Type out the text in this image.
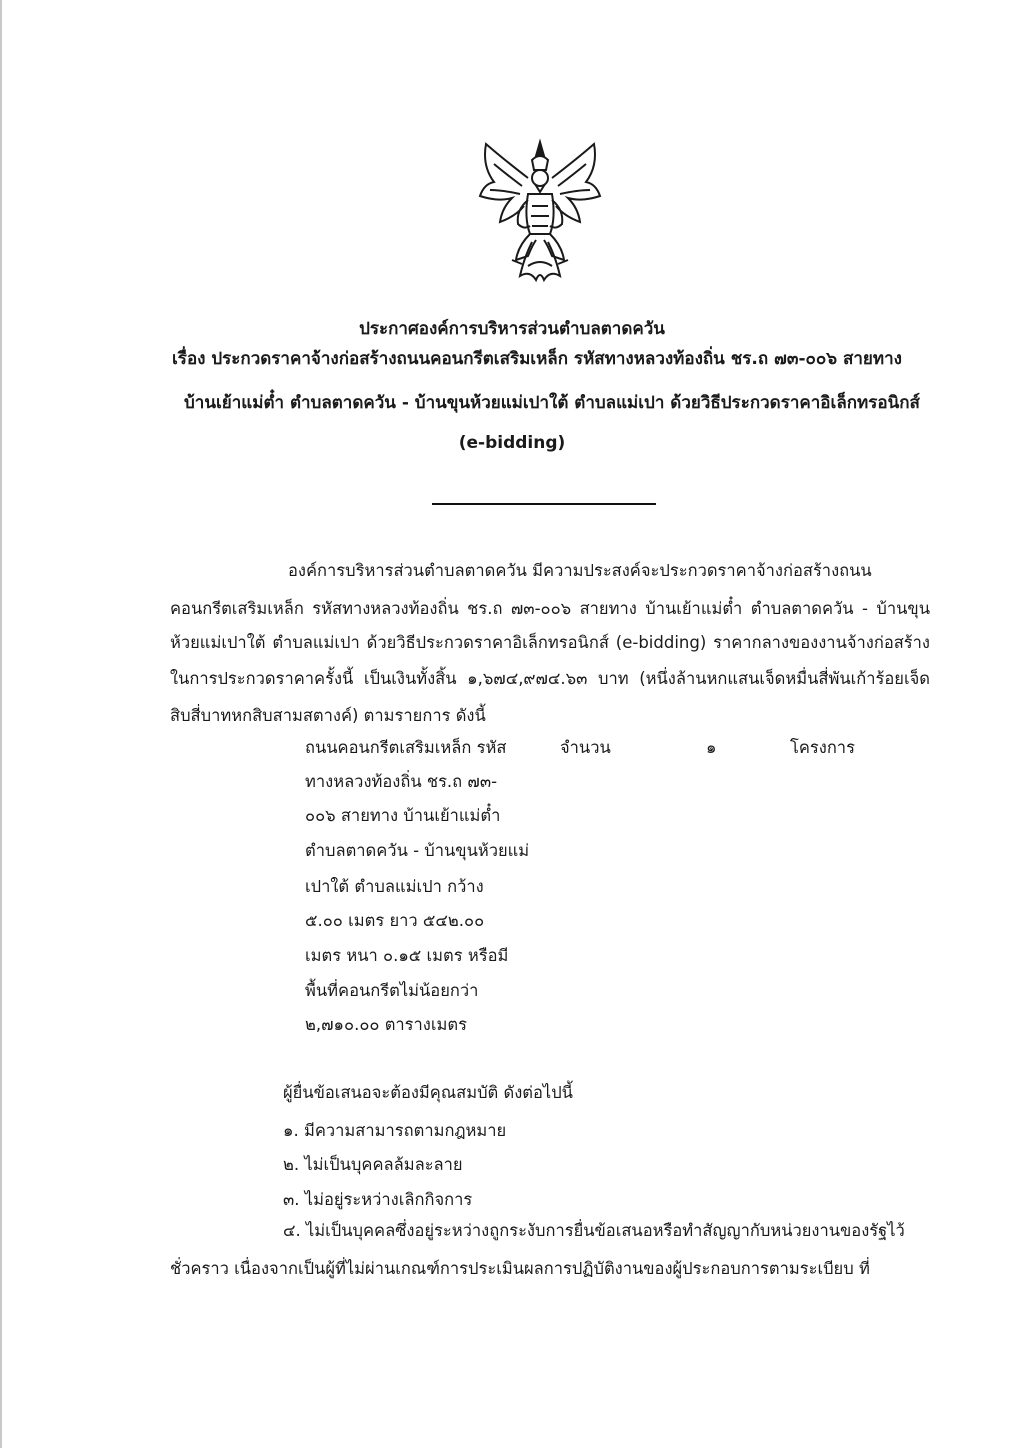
ประกาศองค์การบริหารส่วนตำบลตาดควัน
เรื่อง ประกวดราคาจ้างก่อสร้างถนนคอนกรีตเสริมเหล็ก รหัสทางหลวงท้องถิ่น ชร.ถ ๗๓-๐๐๖ สายทาง
บ้านเย้าแม่ต๋ำ ตำบลตาดควัน - บ้านขุนห้วยแม่เปาใต้ ตำบลแม่เปา ด้วยวิธีประกวดราคาอิเล็กทรอนิกส์
(e-bidding)
องค์การบริหารส่วนตำบลตาดควัน มีความประสงค์จะประกวดราคาจ้างก่อสร้างถนน
คอนกรีตเสริมเหล็ก รหัสทางหลวงท้องถิ่น ชร.ถ ๗๓-๐๐๖ สายทาง บ้านเย้าแม่ต๋ำ ตำบลตาดควัน - บ้านขุน
ห้วยแม่เปาใต้ ตำบลแม่เปา ด้วยวิธีประกวดราคาอิเล็กทรอนิกส์ (e-bidding) ราคากลางของงานจ้างก่อสร้าง
ในการประกวดราคาครั้งนี้ เป็นเงินทั้งสิ้น ๑,๖๗๔,๙๗๔.๖๓ บาท (หนึ่งล้านหกแสนเจ็ดหมื่นสี่พันเก้าร้อยเจ็ด
สิบสี่บาทหกสิบสามสตางค์) ตามรายการ ดังนี้
ถนนคอนกรีตเสริมเหล็ก รหัส
ทางหลวงท้องถิ่น ชร.ถ ๗๓-
๐๐๖ สายทาง บ้านเย้าแม่ต๋ำ
ตำบลตาดควัน - บ้านขุนห้วยแม่
เปาใต้ ตำบลแม่เปา กว้าง
๕.๐๐ เมตร ยาว ๕๔๒.๐๐
เมตร หนา ๐.๑๕ เมตร หรือมี
พื้นที่คอนกรีตไม่น้อยกว่า
๒,๗๑๐.๐๐ ตารางเมตร
จำนวน	๑	โครงการ
ผู้ยื่นข้อเสนอจะต้องมีคุณสมบัติ ดังต่อไปนี้
๑. มีความสามารถตามกฎหมาย
๒. ไม่เป็นบุคคลล้มละลาย
๓. ไม่อยู่ระหว่างเลิกกิจการ
๔. ไม่เป็นบุคคลซึ่งอยู่ระหว่างถูกระงับการยื่นข้อเสนอหรือทำสัญญากับหน่วยงานของรัฐไว้
ชั่วคราว เนื่องจากเป็นผู้ที่ไม่ผ่านเกณฑ์การประเมินผลการปฏิบัติงานของผู้ประกอบการตามระเบียบ ที่
